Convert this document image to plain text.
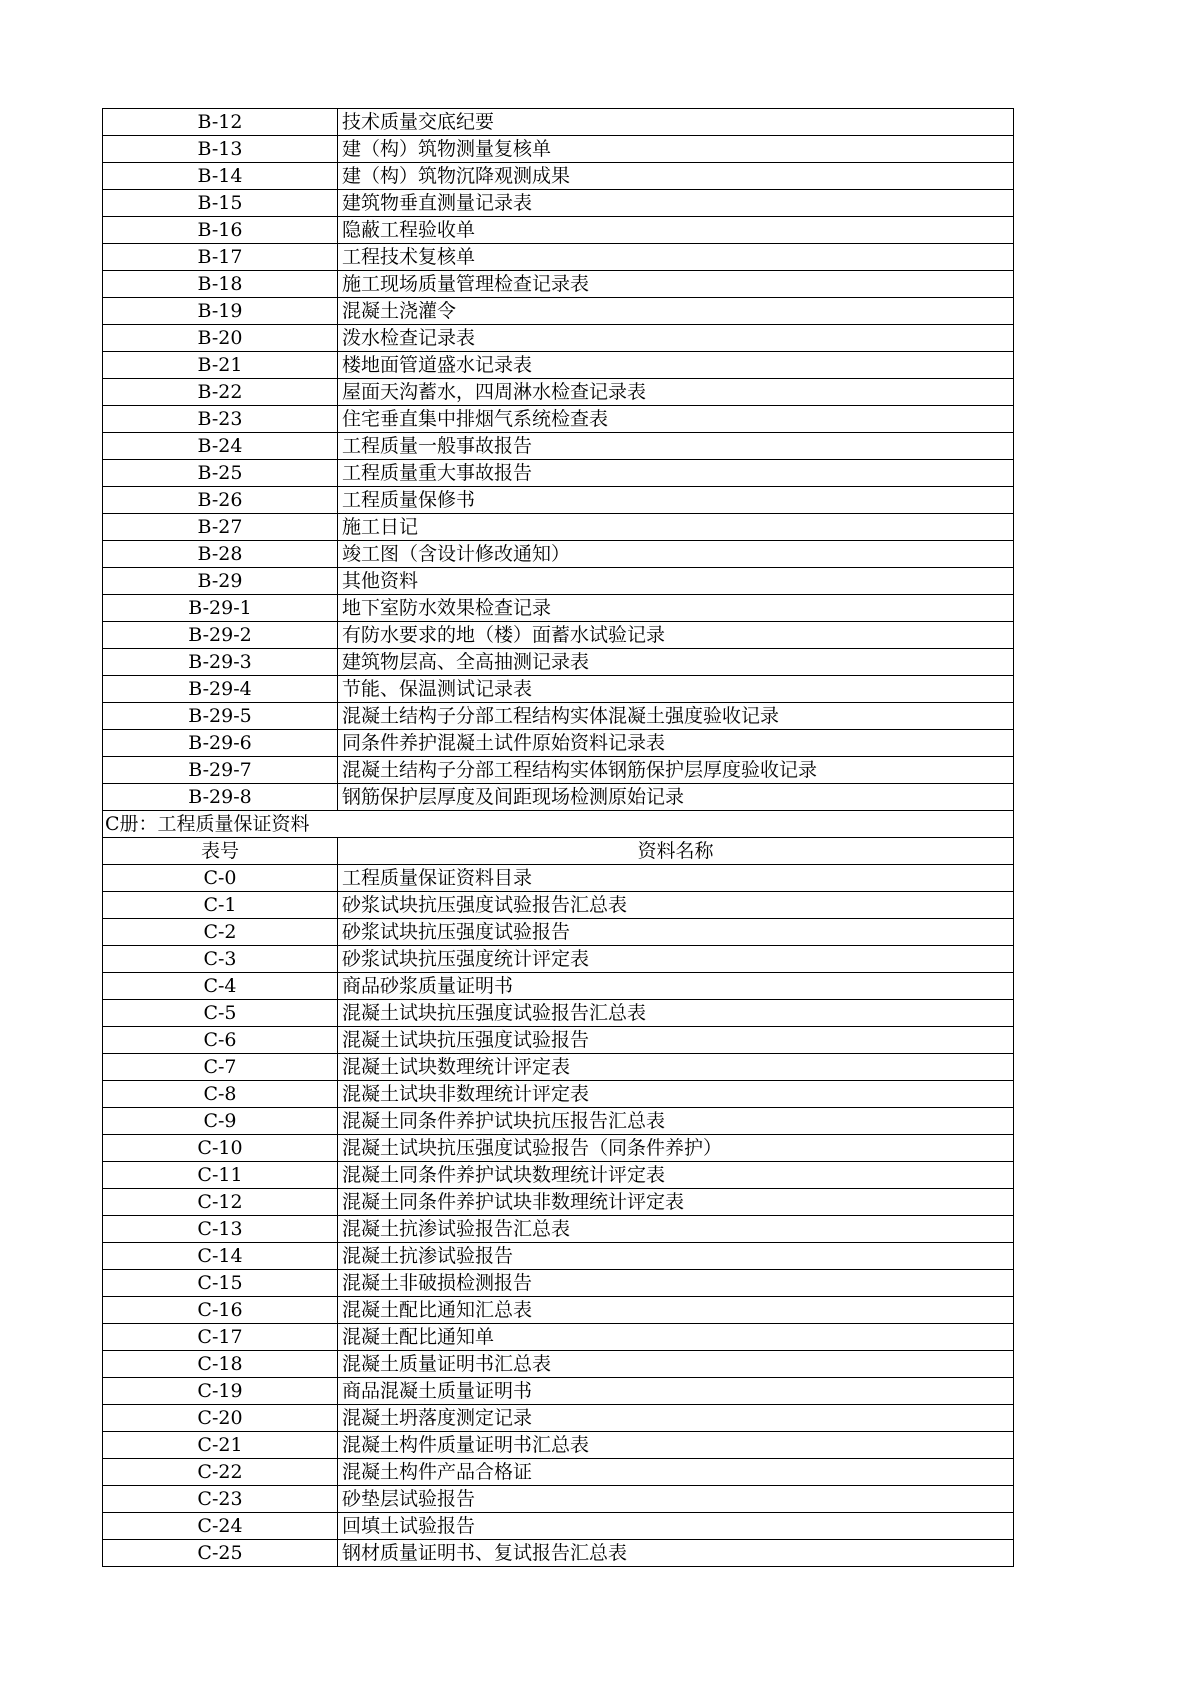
B-12	技术质量交底纪要
B-13	建（构）筑物测量复核单
B-14	建（构）筑物沉降观测成果
B-15	建筑物垂直测量记录表
B-16	隐蔽工程验收单
B-17	工程技术复核单
B-18	施工现场质量管理检查记录表
B-19	混凝土浇灌令
B-20	泼水检查记录表
B-21	楼地面管道盛水记录表
B-22	屋面天沟蓄水，四周淋水检查记录表
B-23	住宅垂直集中排烟气系统检查表
B-24	工程质量一般事故报告
B-25	工程质量重大事故报告
B-26	工程质量保修书
B-27	施工日记
B-28	竣工图（含设计修改通知）
B-29	其他资料
B-29-1	地下室防水效果检查记录
B-29-2	有防水要求的地（楼）面蓄水试验记录
B-29-3	建筑物层高、全高抽测记录表
B-29-4	节能、保温测试记录表
B-29-5	混凝土结构子分部工程结构实体混凝土强度验收记录
B-29-6	同条件养护混凝土试件原始资料记录表
B-29-7	混凝土结构子分部工程结构实体钢筋保护层厚度验收记录
B-29-8	钢筋保护层厚度及间距现场检测原始记录
C册：工程质量保证资料	
表号	资料名称
C-0	工程质量保证资料目录
C-1	砂浆试块抗压强度试验报告汇总表
C-2	砂浆试块抗压强度试验报告
C-3	砂浆试块抗压强度统计评定表
C-4	商品砂浆质量证明书
C-5	混凝土试块抗压强度试验报告汇总表
C-6	混凝土试块抗压强度试验报告
C-7	混凝土试块数理统计评定表
C-8	混凝土试块非数理统计评定表
C-9	混凝土同条件养护试块抗压报告汇总表
C-10	混凝土试块抗压强度试验报告（同条件养护）
C-11	混凝土同条件养护试块数理统计评定表
C-12	混凝土同条件养护试块非数理统计评定表
C-13	混凝土抗渗试验报告汇总表
C-14	混凝土抗渗试验报告
C-15	混凝土非破损检测报告
C-16	混凝土配比通知汇总表
C-17	混凝土配比通知单
C-18	混凝土质量证明书汇总表
C-19	商品混凝土质量证明书
C-20	混凝土坍落度测定记录
C-21	混凝土构件质量证明书汇总表
C-22	混凝土构件产品合格证
C-23	砂垫层试验报告
C-24	回填土试验报告
C-25	钢材质量证明书、复试报告汇总表
